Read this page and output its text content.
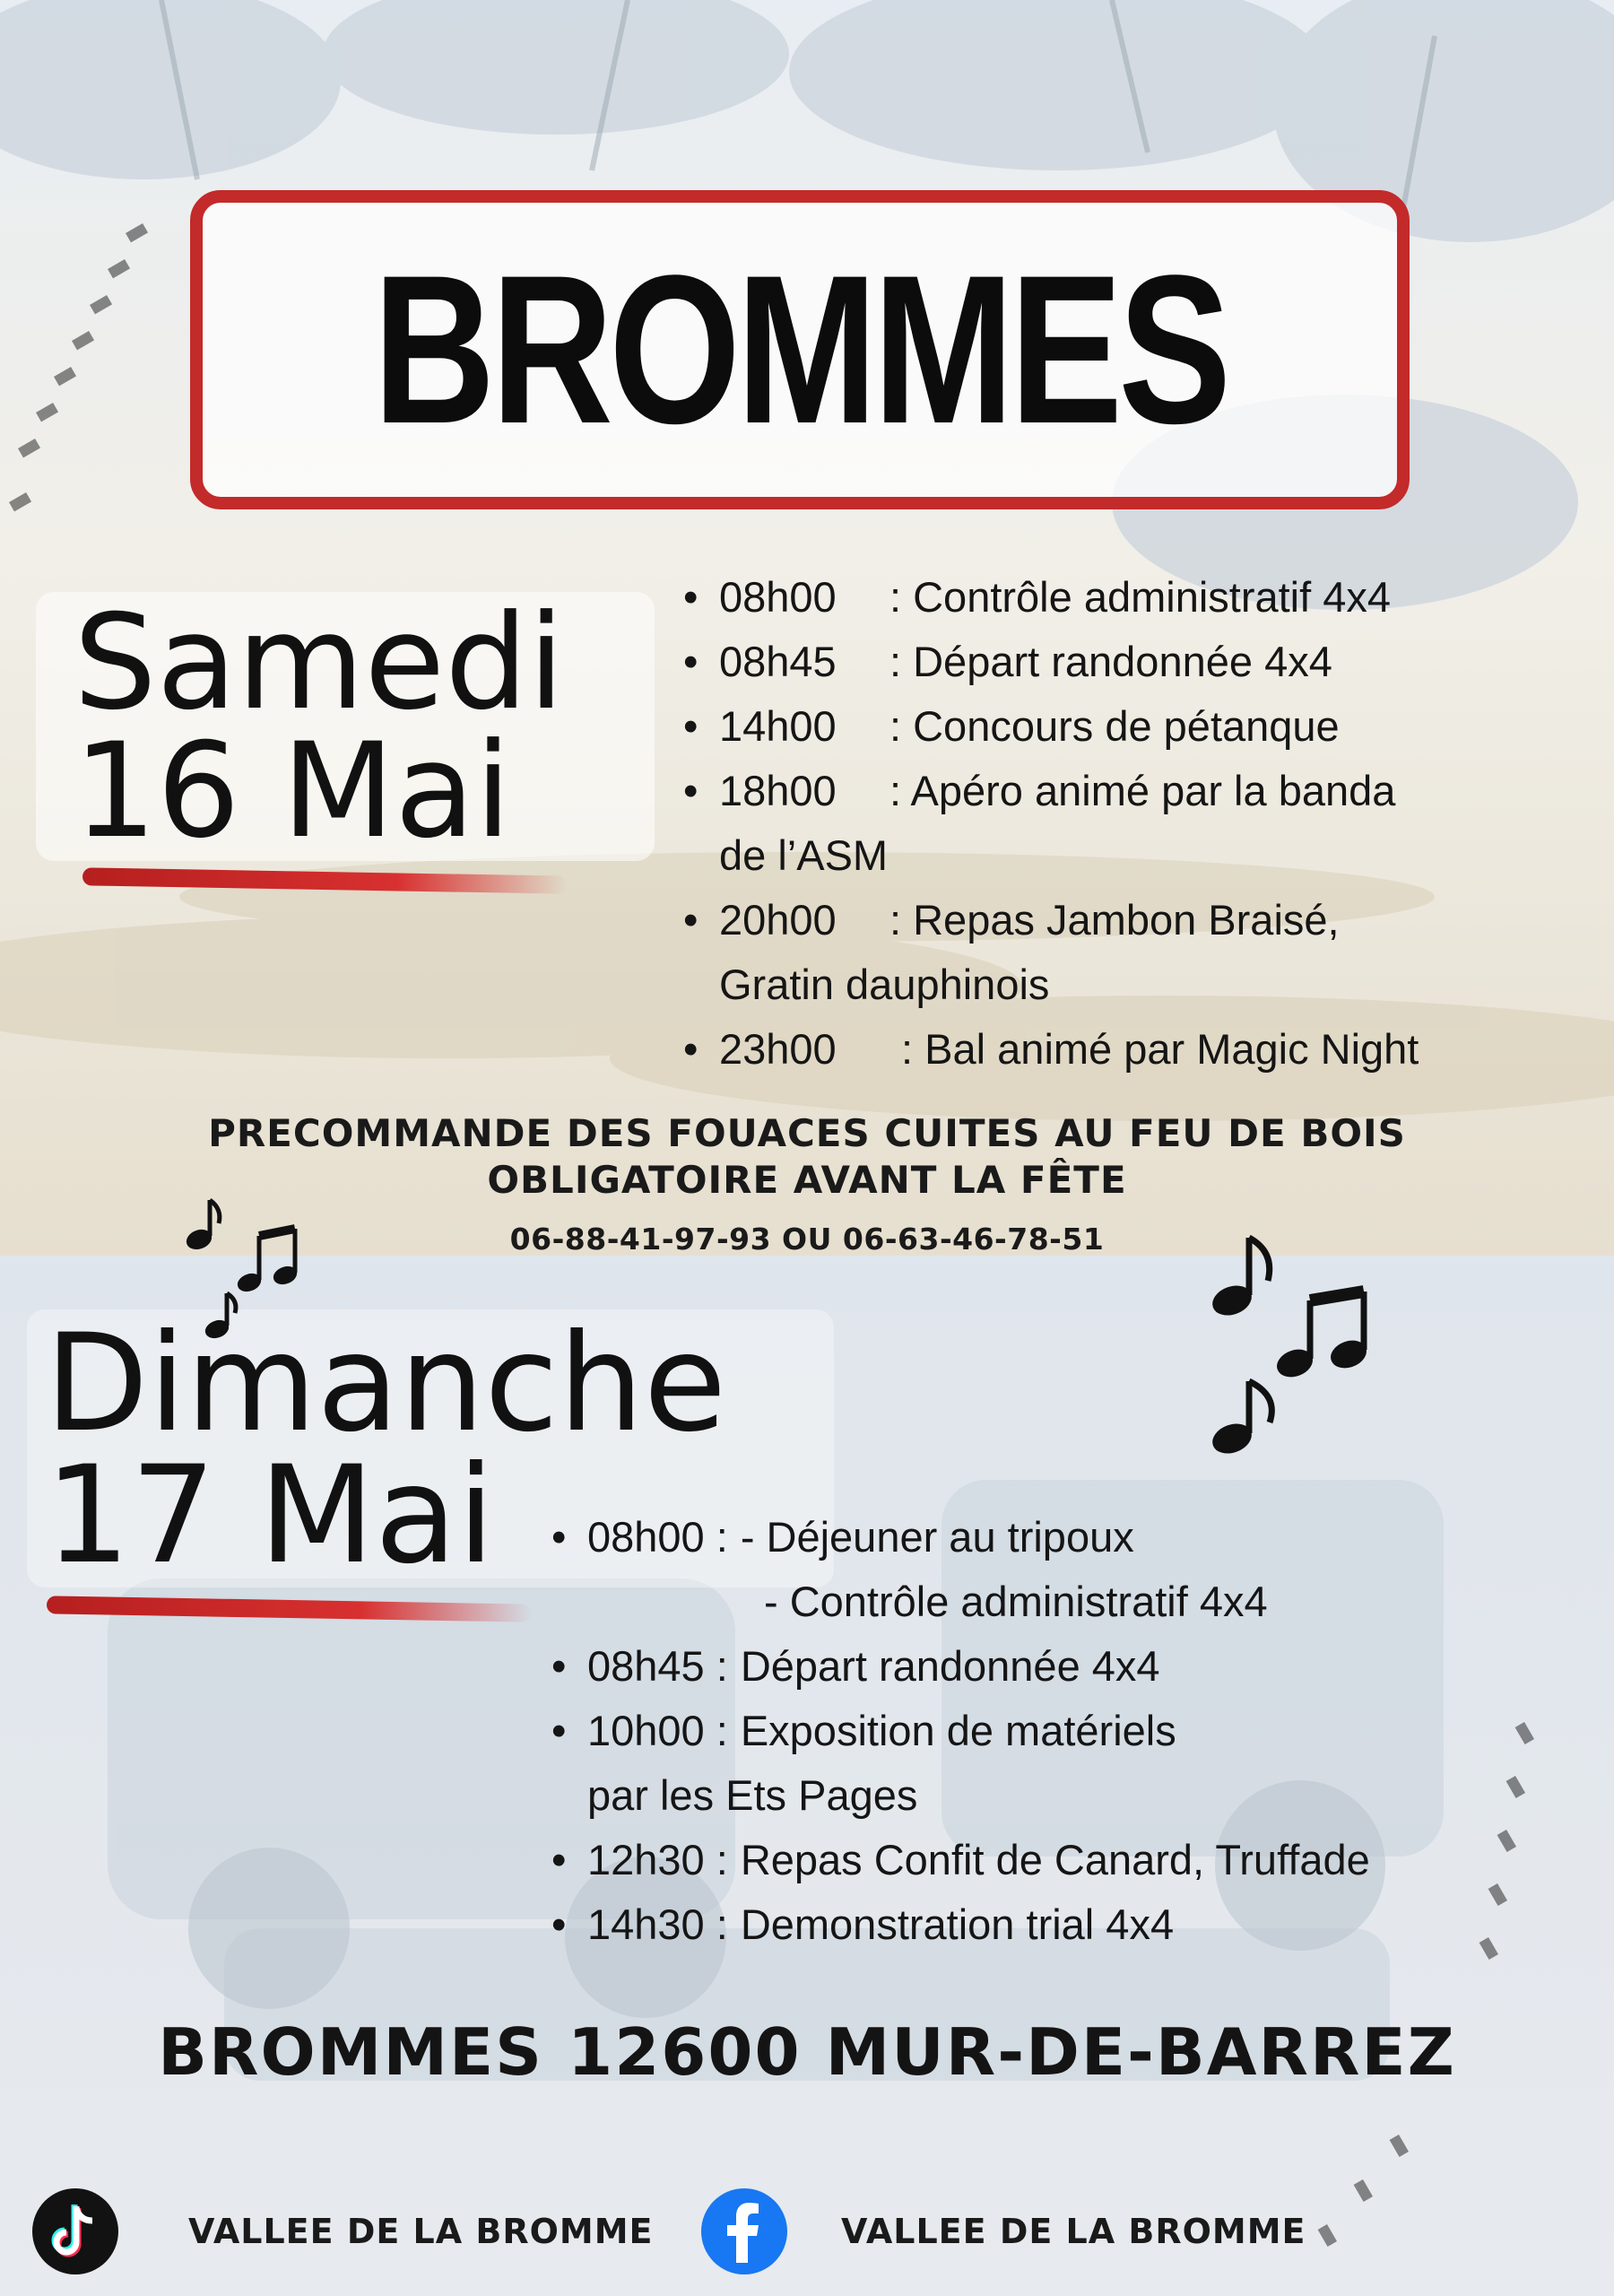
BROMMES
Samedi
16 Mai
• 08h00 : Contrôle administratif 4x4
• 08h45 : Départ randonnée 4x4
• 14h00 : Concours de pétanque
• 18h00 : Apéro animé par la banda
de l’ASM
• 20h00 : Repas Jambon Braisé,
Gratin dauphinois
• 23h00 : Bal animé par Magic Night
PRECOMMANDE DES FOUACES CUITES AU FEU DE BOIS
OBLIGATOIRE AVANT LA FÊTE
06-88-41-97-93 OU 06-63-46-78-51
Dimanche
17 Mai
•	08h00 : - Déjeuner au tripoux
- Contrôle administratif 4x4
• 08h45 : Départ randonnée 4x4
• 10h00 : Exposition de matériels
par les Ets Pages
• 12h30 : Repas Confit de Canard, Truffade
• 14h30 : Demonstration trial 4x4
BROMMES 12600 MUR-DE-BARREZ
VALLEE DE LA BROMME	VALLEE DE LA BROMME
